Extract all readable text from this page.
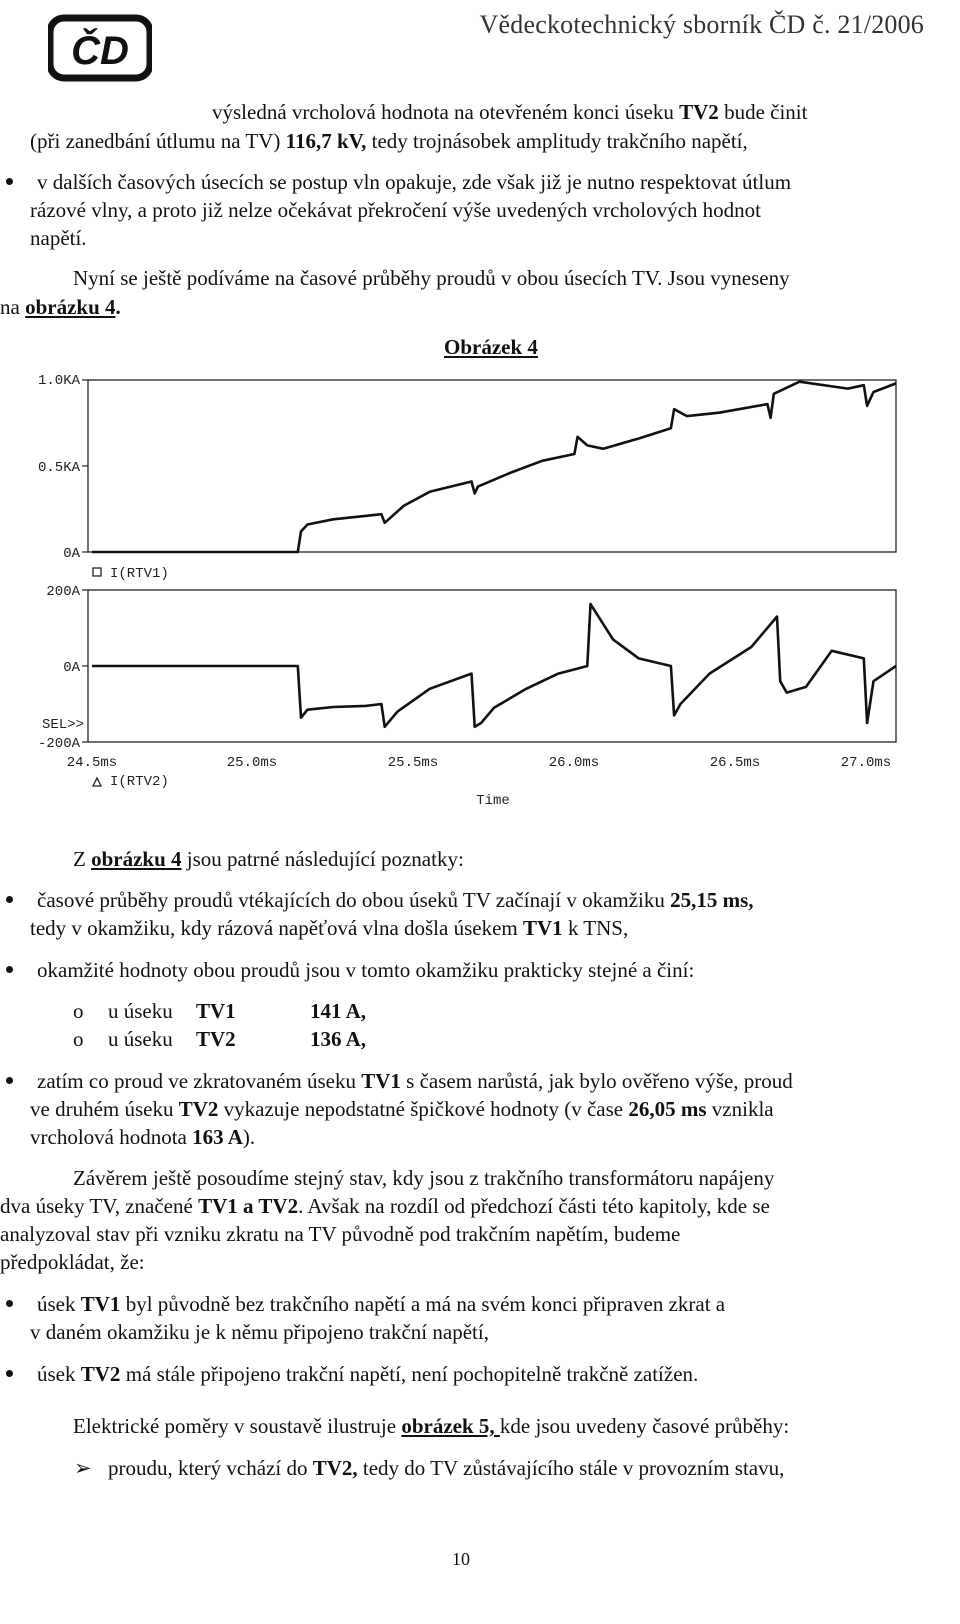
ČD
Vědeckotechnický sborník ČD č. 21/2006
výsledná vrcholová hodnota na otevřeném konci úseku TV2 bude činit
(při zanedbání útlumu na TV) 116,7 kV, tedy trojnásobek amplitudy trakčního napětí,
v dalších časových úsecích se postup vln opakuje, zde však již je nutno respektovat útlum
rázové vlny, a proto již nelze očekávat překročení výše uvedených vrcholových hodnot
napětí.
Nyní se ještě podíváme na časové průběhy proudů v obou úsecích TV. Jsou vyneseny
na obrázku 4.
Obrázek 4
1.0KA
0.5KA
0A
200A
0A
SEL>>
-200A
24.5ms	25.0ms	25.5ms	26.0ms	26.5ms	27.0ms
I(RTV1)
I(RTV2)
Time
Z obrázku 4 jsou patrné následující poznatky:
časové průběhy proudů vtékajících do obou úseků TV začínají v okamžiku 25,15 ms,
tedy v okamžiku, kdy rázová napěťová vlna došla úsekem TV1 k TNS,
okamžité hodnoty obou proudů jsou v tomto okamžiku prakticky stejné a činí:
o u úseku TV1	141 A,
o u úseku TV2	136 A,
zatím co proud ve zkratovaném úseku TV1 s časem narůstá, jak bylo ověřeno výše, proud
ve druhém úseku TV2 vykazuje nepodstatné špičkové hodnoty (v čase 26,05 ms vznikla
vrcholová hodnota 163 A).
Závěrem ještě posoudíme stejný stav, kdy jsou z trakčního transformátoru napájeny
dva úseky TV, značené TV1 a TV2. Avšak na rozdíl od předchozí části této kapitoly, kde se
analyzoval stav při vzniku zkratu na TV původně pod trakčním napětím, budeme
předpokládat, že:
úsek TV1 byl původně bez trakčního napětí a má na svém konci připraven zkrat a
v daném okamžiku je k němu připojeno trakční napětí,
úsek TV2 má stále připojeno trakční napětí, není pochopitelně trakčně zatížen.
Elektrické poměry v soustavě ilustruje obrázek 5, kde jsou uvedeny časové průběhy:
➢ proudu, který vchází do TV2, tedy do TV zůstávajícího stále v provozním stavu,
10
